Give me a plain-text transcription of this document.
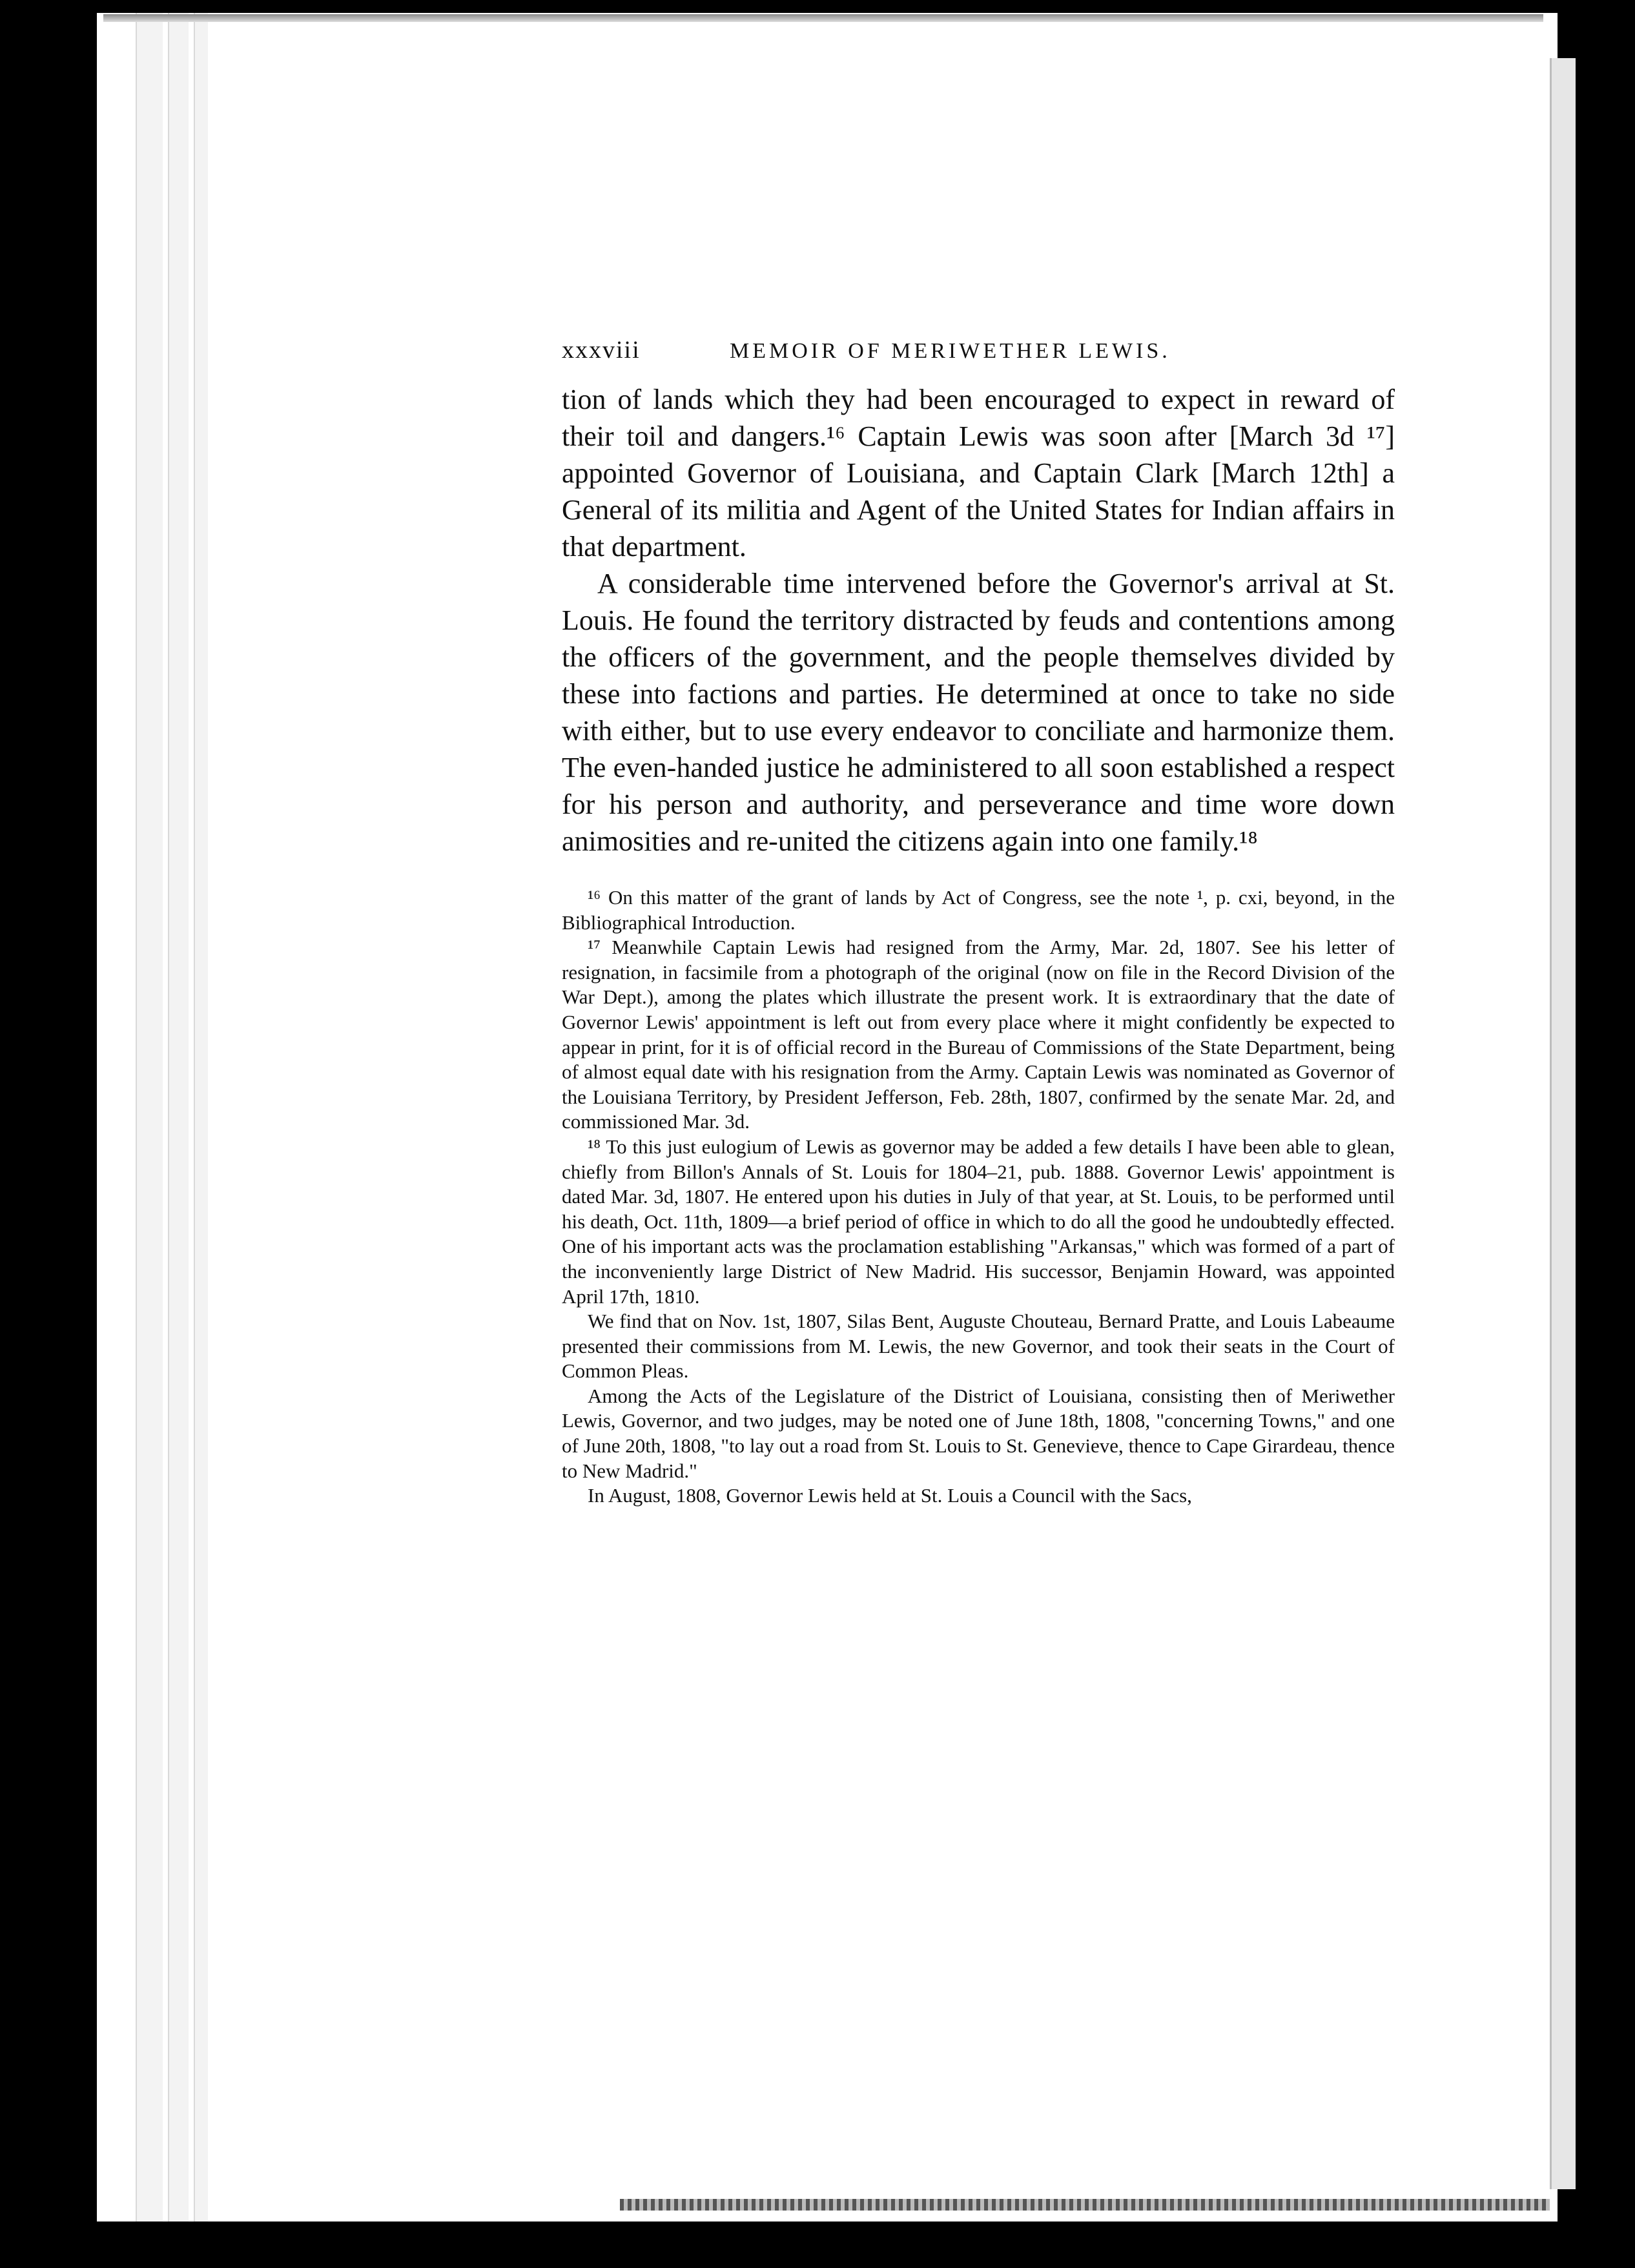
xxxviii	MEMOIR OF MERIWETHER LEWIS.

tion of lands which they had been encouraged to expect in reward of their toil and dangers.¹⁶ Captain Lewis was soon after [March 3d ¹⁷] appointed Governor of Louisiana, and Captain Clark [March 12th] a General of its militia and Agent of the United States for Indian affairs in that department.

A considerable time intervened before the Governor's arrival at St. Louis. He found the territory distracted by feuds and contentions among the officers of the government, and the people themselves divided by these into factions and parties. He determined at once to take no side with either, but to use every endeavor to conciliate and harmonize them. The even-handed justice he administered to all soon established a respect for his person and authority, and perseverance and time wore down animosities and re-united the citizens again into one family.¹⁸

¹⁶ On this matter of the grant of lands by Act of Congress, see the note ¹, p. cxi, beyond, in the Bibliographical Introduction.

¹⁷ Meanwhile Captain Lewis had resigned from the Army, Mar. 2d, 1807. See his letter of resignation, in facsimile from a photograph of the original (now on file in the Record Division of the War Dept.), among the plates which illustrate the present work. It is extraordinary that the date of Governor Lewis' appointment is left out from every place where it might confidently be expected to appear in print, for it is of official record in the Bureau of Commissions of the State Department, being of almost equal date with his resignation from the Army. Captain Lewis was nominated as Governor of the Louisiana Territory, by President Jefferson, Feb. 28th, 1807, confirmed by the senate Mar. 2d, and commissioned Mar. 3d.

¹⁸ To this just eulogium of Lewis as governor may be added a few details I have been able to glean, chiefly from Billon's Annals of St. Louis for 1804–21, pub. 1888. Governor Lewis' appointment is dated Mar. 3d, 1807. He entered upon his duties in July of that year, at St. Louis, to be performed until his death, Oct. 11th, 1809—a brief period of office in which to do all the good he undoubtedly effected. One of his important acts was the proclamation establishing "Arkansas," which was formed of a part of the inconveniently large District of New Madrid. His successor, Benjamin Howard, was appointed April 17th, 1810.

We find that on Nov. 1st, 1807, Silas Bent, Auguste Chouteau, Bernard Pratte, and Louis Labeaume presented their commissions from M. Lewis, the new Governor, and took their seats in the Court of Common Pleas.

Among the Acts of the Legislature of the District of Louisiana, consisting then of Meriwether Lewis, Governor, and two judges, may be noted one of June 18th, 1808, "concerning Towns," and one of June 20th, 1808, "to lay out a road from St. Louis to St. Genevieve, thence to Cape Girardeau, thence to New Madrid."

In August, 1808, Governor Lewis held at St. Louis a Council with the Sacs,
